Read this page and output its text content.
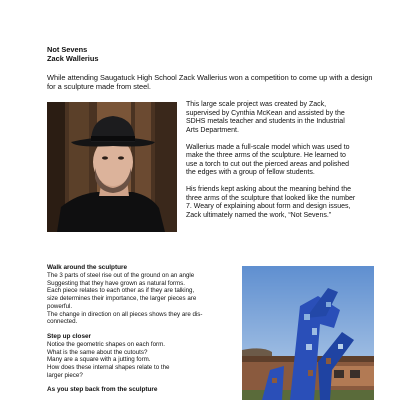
Not Sevens
Zack Wallerius
While attending Saugatuck High School Zack Wallerius won a competition to come up with a design for a sculpture made from steel.

This large scale project was created by Zack, supervised by Cynthia McKean and assisted by the SDHS metals teacher and students in the Industrial Arts Department.

Wallerius made a full-scale model which was used to make the three arms of the sculpture. He learned to use a torch to cut out the pierced areas and polished the edges with a group of fellow students.

His friends kept asking about the meaning behind the three arms of the sculpture that looked like the number 7. Weary of explaining about form and design issues, Zack ultimately named the work, “Not Sevens.”

Walk around the sculpture
The 3 parts of steel rise out of the ground on an angle
Suggesting that they have grown as natural forms.
Each piece relates to each other as if they are talking,
size determines their importance, the larger pieces are
powerful.
The change in direction on all pieces shows they are dis-
connected.
Step up closer
Notice the geometric shapes on each form.
What is the same about the cutouts?
Many are a square with a jutting form.
How does these internal shapes relate to the
larger piece?
As you step back from the sculpture
